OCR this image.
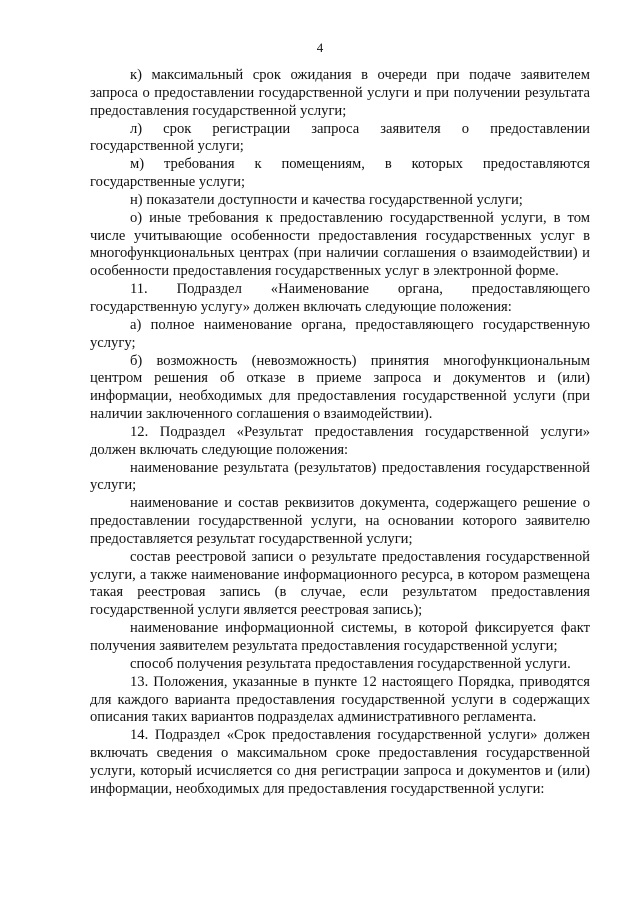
4

к) максимальный срок ожидания в очереди при подаче заявителем запроса о предоставлении государственной услуги и при получении результата предоставления государственной услуги;

л) срок регистрации запроса заявителя о предоставлении государственной услуги;

м) требования к помещениям, в которых предоставляются государственные услуги;

н) показатели доступности и качества государственной услуги;

о) иные требования к предоставлению государственной услуги, в том числе учитывающие особенности предоставления государственных услуг в многофункциональных центрах (при наличии соглашения о взаимодействии) и особенности предоставления государственных услуг в электронной форме.

11. Подраздел «Наименование органа, предоставляющего государственную услугу» должен включать следующие положения:

а) полное наименование органа, предоставляющего государственную услугу;

б) возможность (невозможность) принятия многофункциональным центром решения об отказе в приеме запроса и документов и (или) информации, необходимых для предоставления государственной услуги (при наличии заключенного соглашения о взаимодействии).

12. Подраздел «Результат предоставления государственной услуги» должен включать следующие положения:

наименование результата (результатов) предоставления государственной услуги;

наименование и состав реквизитов документа, содержащего решение о предоставлении государственной услуги, на основании которого заявителю предоставляется результат государственной услуги;

состав реестровой записи о результате предоставления государственной услуги, а также наименование информационного ресурса, в котором размещена такая реестровая запись (в случае, если результатом предоставления государственной услуги является реестровая запись);

наименование информационной системы, в которой фиксируется факт получения заявителем результата предоставления государственной услуги;

способ получения результата предоставления государственной услуги.

13. Положения, указанные в пункте 12 настоящего Порядка, приводятся для каждого варианта предоставления государственной услуги в содержащих описания таких вариантов подразделах административного регламента.

14. Подраздел «Срок предоставления государственной услуги» должен включать сведения о максимальном сроке предоставления государственной услуги, который исчисляется со дня регистрации запроса и документов и (или) информации, необходимых для предоставления государственной услуги:
